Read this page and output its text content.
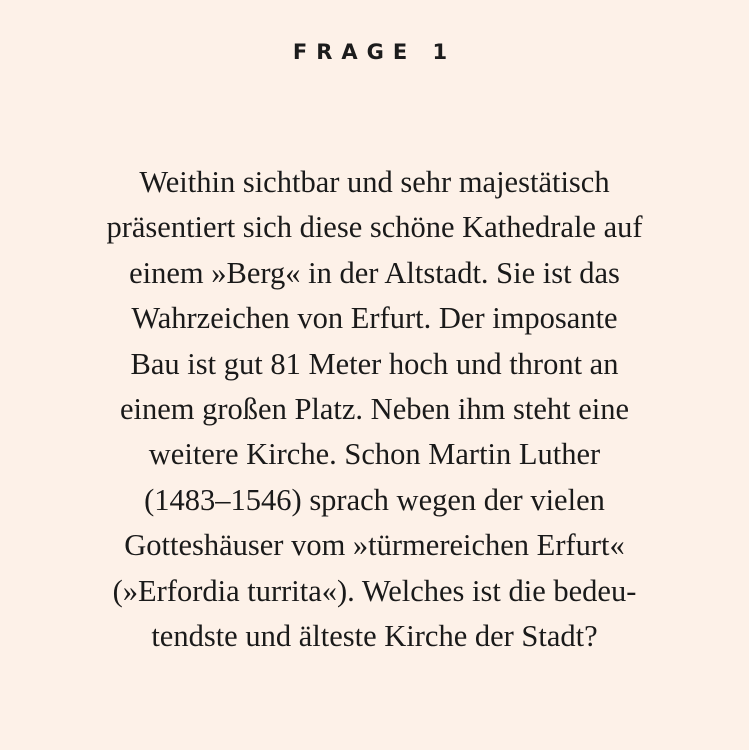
FRAGE 1
Weithin sichtbar und sehr majestätisch
präsentiert sich diese schöne Kathedrale auf
einem »Berg« in der Altstadt. Sie ist das
Wahrzeichen von Erfurt. Der imposante
Bau ist gut 81 Meter hoch und thront an
einem großen Platz. Neben ihm steht eine
weitere Kirche. Schon Martin Luther
(1483–1546) sprach wegen der vielen
Gotteshäuser vom »türmereichen Erfurt«
(»Erfordia turrita«). Welches ist die bedeu-
tendste und älteste Kirche der Stadt?
